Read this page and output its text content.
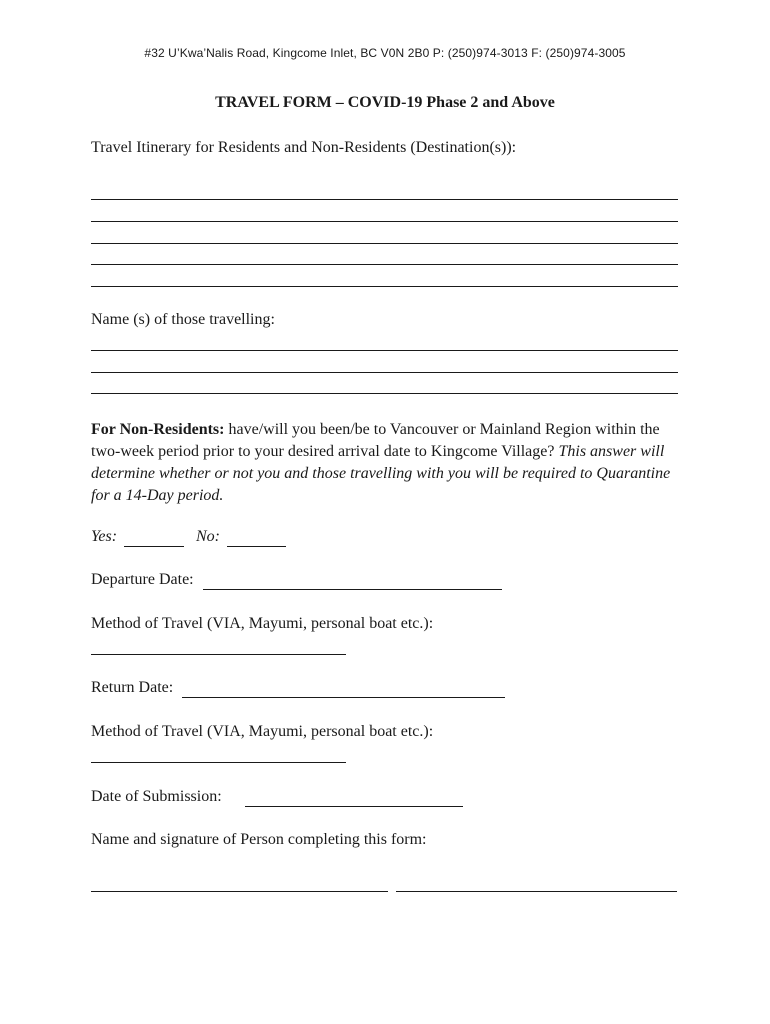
#32 U’Kwa’Nalis Road, Kingcome Inlet, BC V0N 2B0 P: (250)974-3013 F: (250)974-3005
TRAVEL FORM – COVID-19 Phase 2 and Above
Travel Itinerary for Residents and Non-Residents (Destination(s)):
Name (s) of those travelling:
For Non-Residents: have/will you been/be to Vancouver or Mainland Region within the two-week period prior to your desired arrival date to Kingcome Village? This answer will determine whether or not you and those travelling with you will be required to Quarantine for a 14-Day period.
Yes:	No:
Departure Date:
Method of Travel (VIA, Mayumi, personal boat etc.):
Return Date:
Method of Travel (VIA, Mayumi, personal boat etc.):
Date of Submission:
Name and signature of Person completing this form:
